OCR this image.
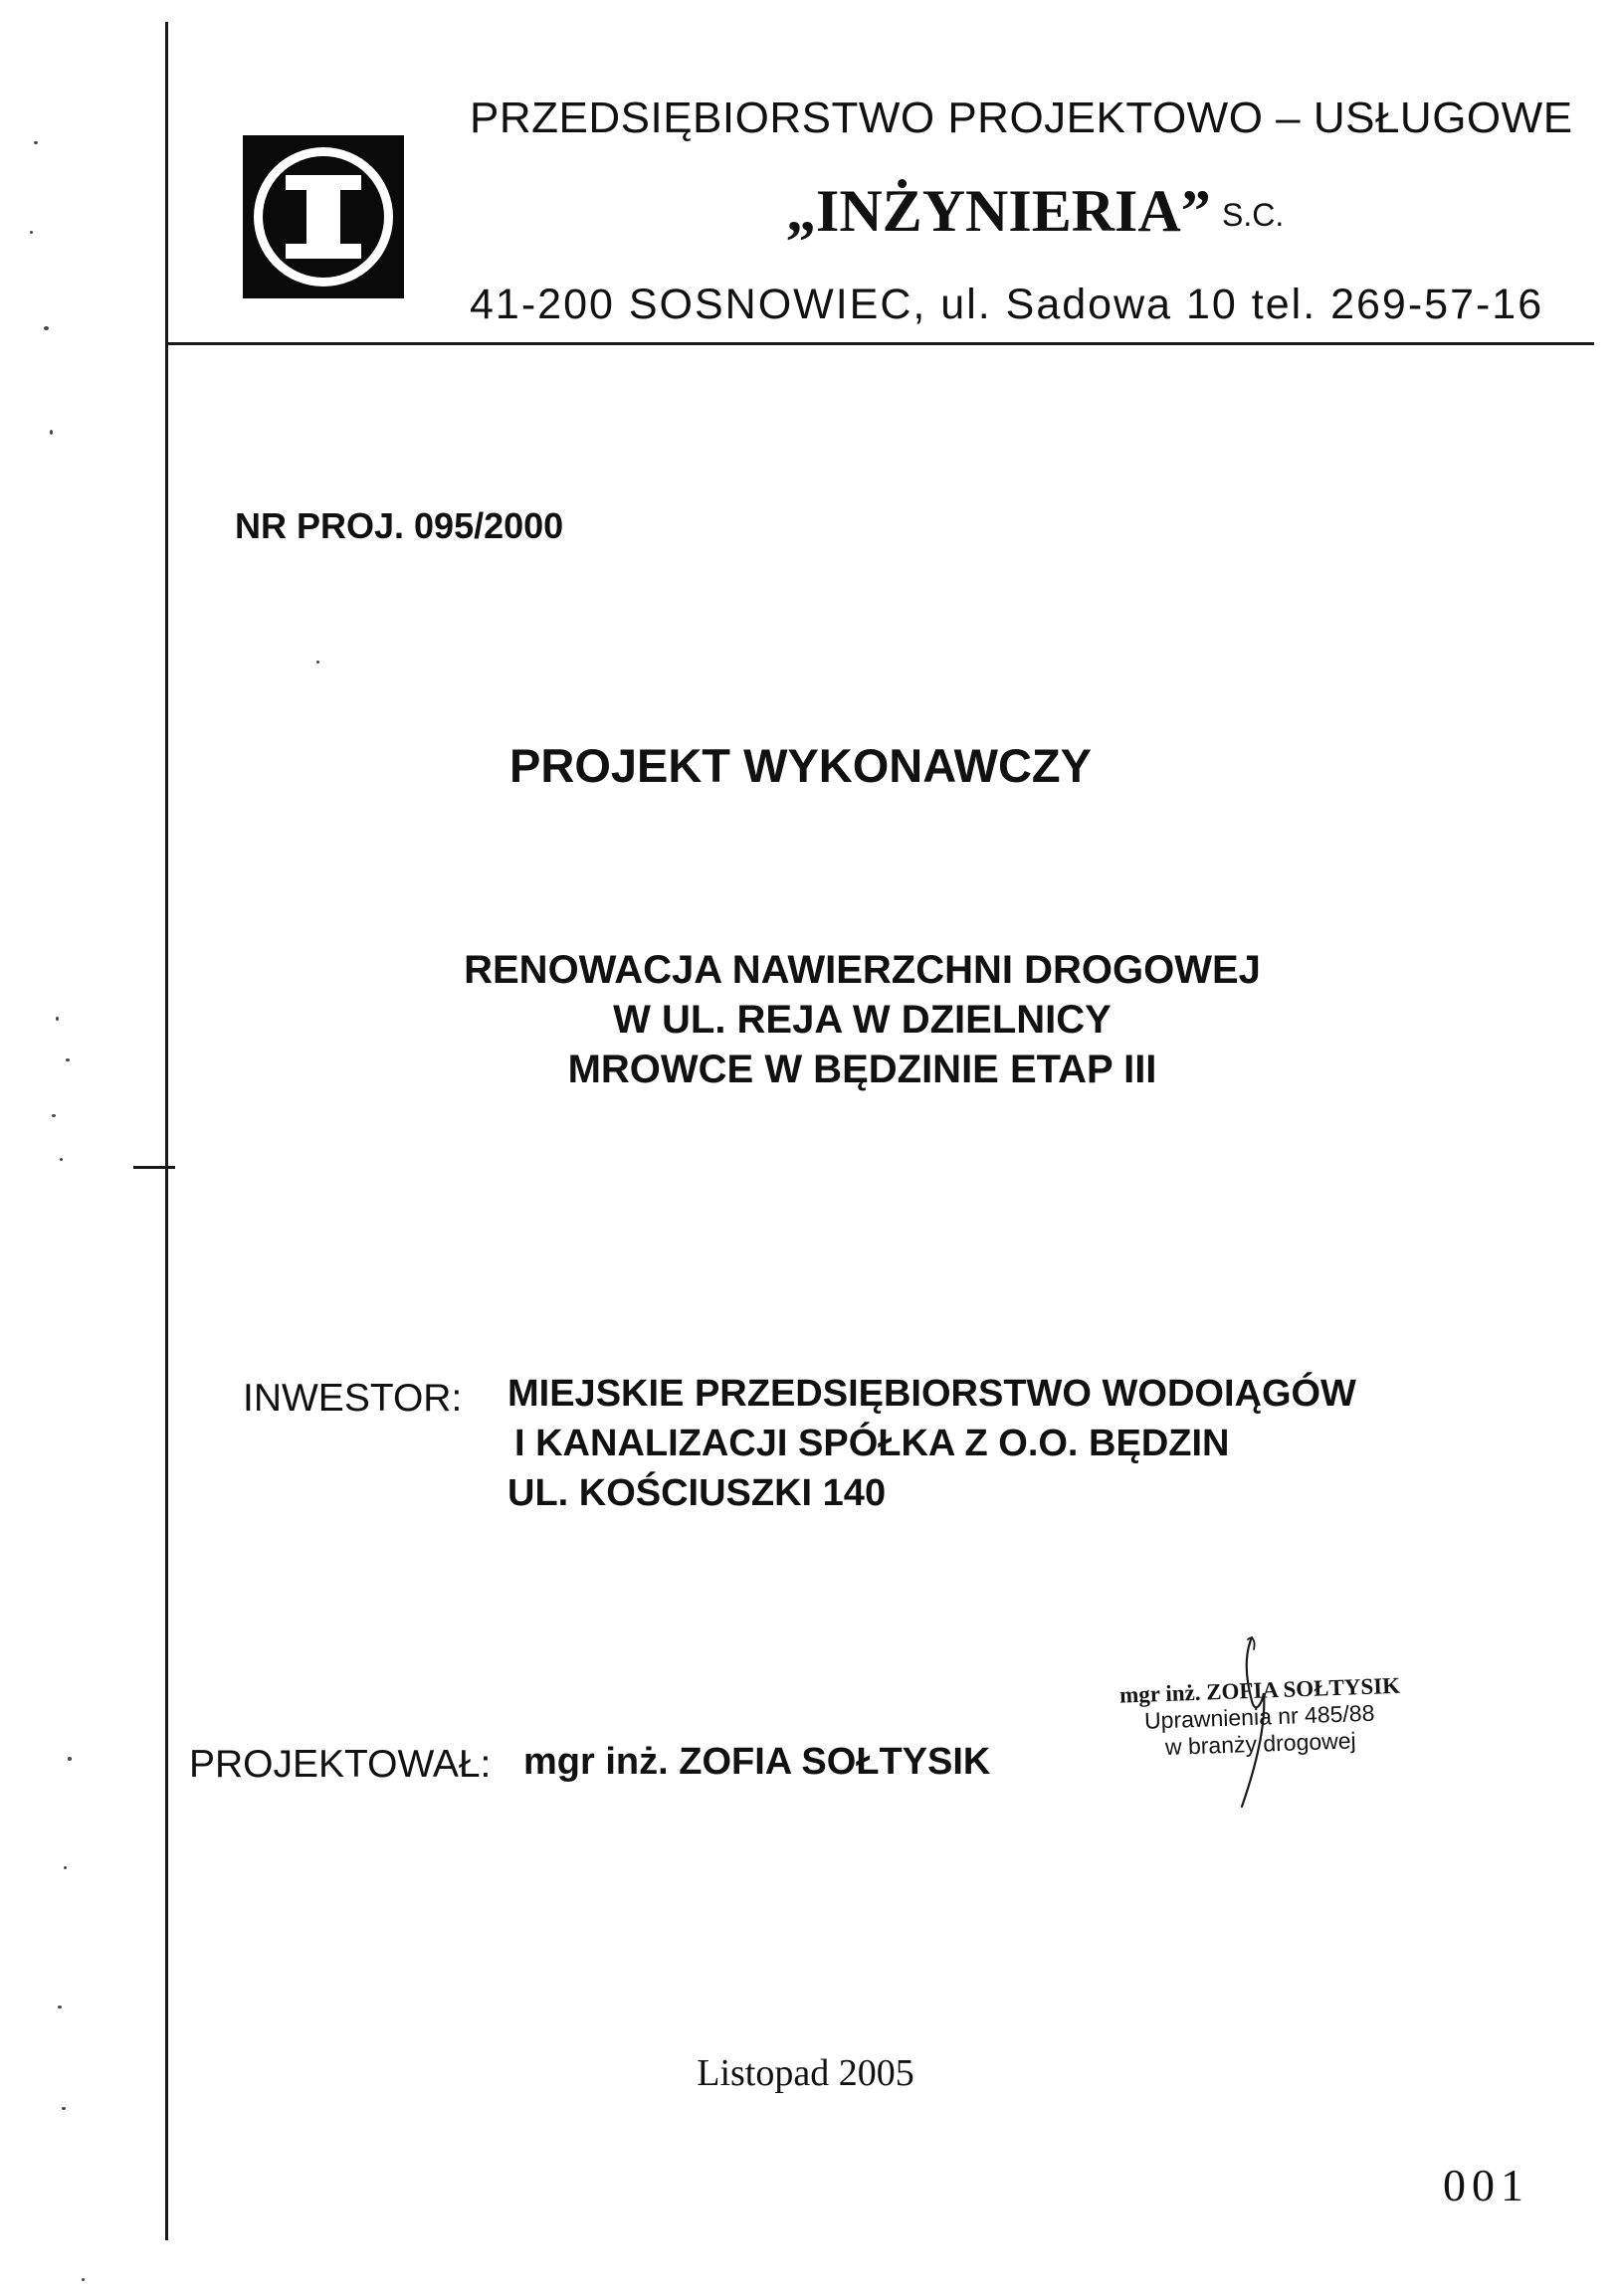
PRZEDSIĘBIORSTWO PROJEKTOWO – USŁUGOWE
„INŻYNIERIA” S.C.
41-200 SOSNOWIEC, ul. Sadowa 10 tel. 269-57-16
NR PROJ. 095/2000
PROJEKT WYKONAWCZY
RENOWACJA NAWIERZCHNI DROGOWEJ
W UL. REJA W DZIELNICY
MROWCE W BĘDZINIE ETAP III
INWESTOR: MIEJSKIE PRZEDSIĘBIORSTWO WODOIĄGÓW
I KANALIZACJI SPÓŁKA Z O.O. BĘDZIN
UL. KOŚCIUSZKI 140
PROJEKTOWAŁ: mgr inż. ZOFIA SOŁTYSIK
mgr inż. ZOFIA SOŁTYSIK
Uprawnienia nr 485/88
w branży drogowej
Listopad 2005
001
